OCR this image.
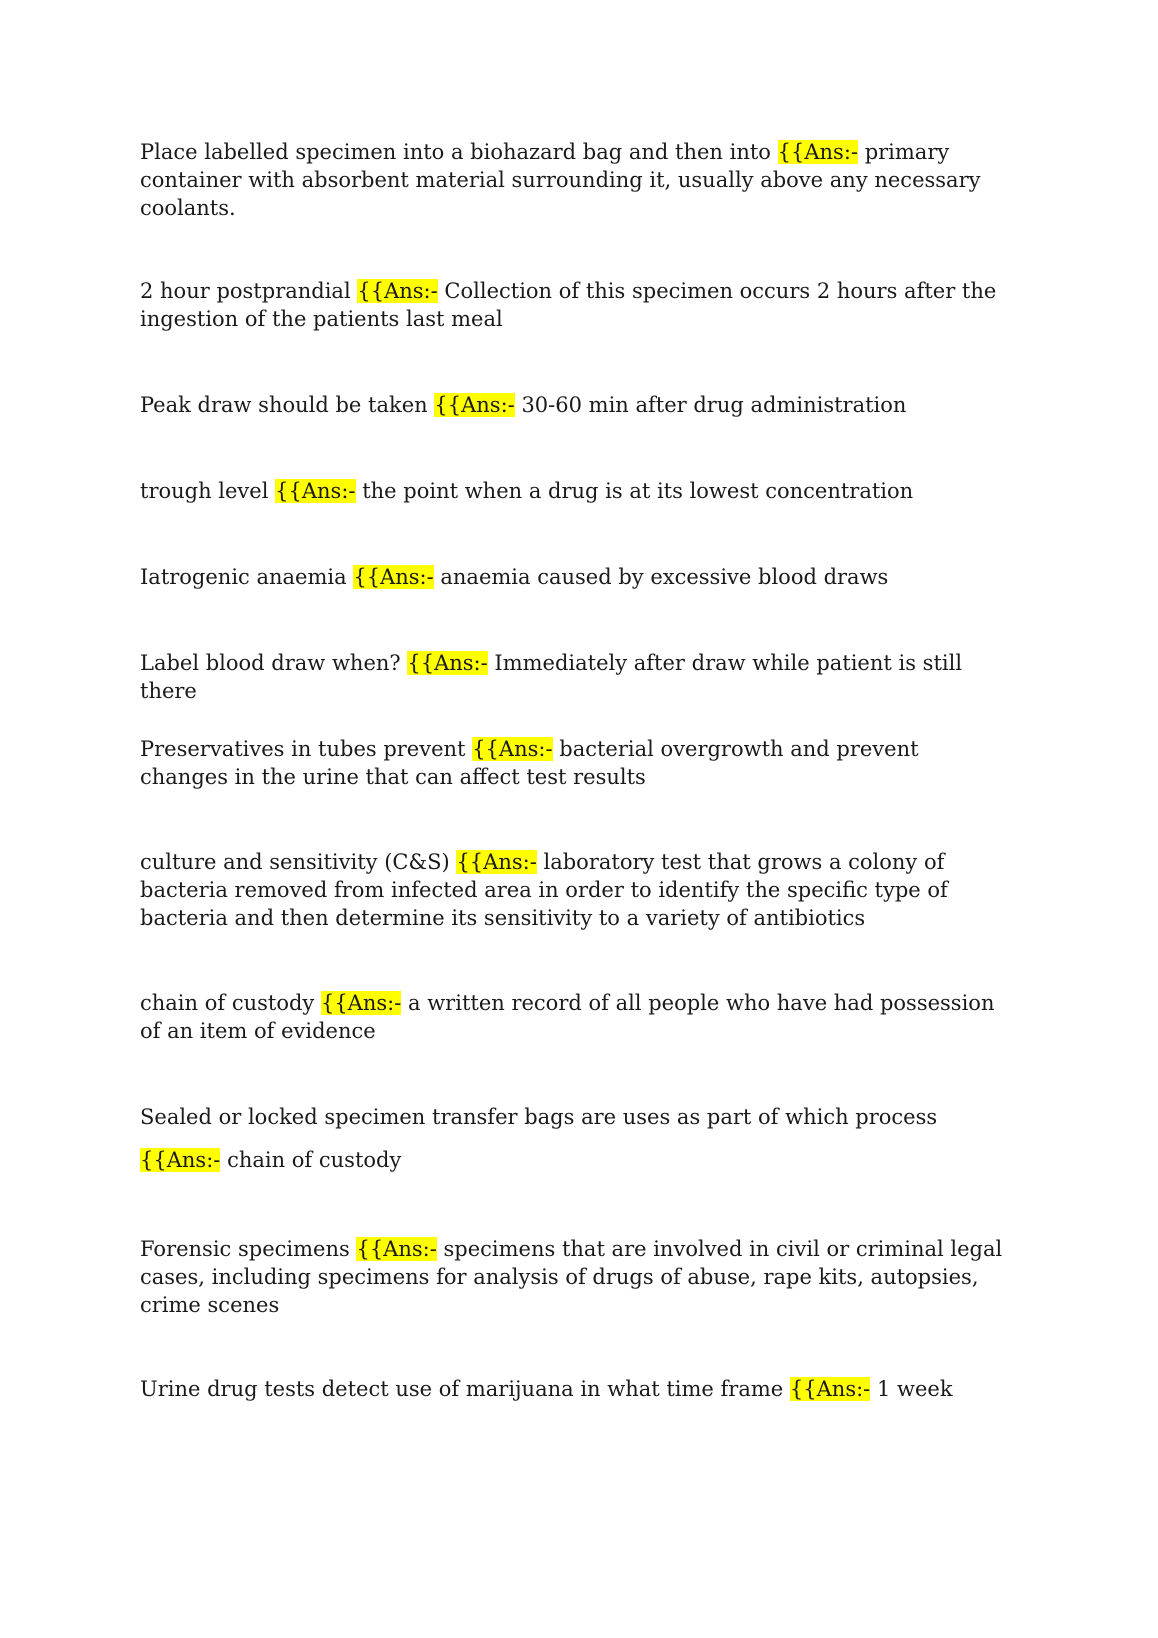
Place labelled specimen into a biohazard bag and then into {{Ans:- primary container with absorbent material surrounding it, usually above any necessary coolants.

2 hour postprandial {{Ans:- Collection of this specimen occurs 2 hours after the ingestion of the patients last meal

Peak draw should be taken {{Ans:- 30-60 min after drug administration

trough level {{Ans:- the point when a drug is at its lowest concentration

Iatrogenic anaemia {{Ans:- anaemia caused by excessive blood draws

Label blood draw when? {{Ans:- Immediately after draw while patient is still there

Preservatives in tubes prevent {{Ans:- bacterial overgrowth and prevent changes in the urine that can affect test results

culture and sensitivity (C&S) {{Ans:- laboratory test that grows a colony of bacteria removed from infected area in order to identify the specific type of bacteria and then determine its sensitivity to a variety of antibiotics

chain of custody {{Ans:- a written record of all people who have had possession of an item of evidence

Sealed or locked specimen transfer bags are uses as part of which process

{{Ans:- chain of custody

Forensic specimens {{Ans:- specimens that are involved in civil or criminal legal cases, including specimens for analysis of drugs of abuse, rape kits, autopsies, crime scenes

Urine drug tests detect use of marijuana in what time frame {{Ans:- 1 week
